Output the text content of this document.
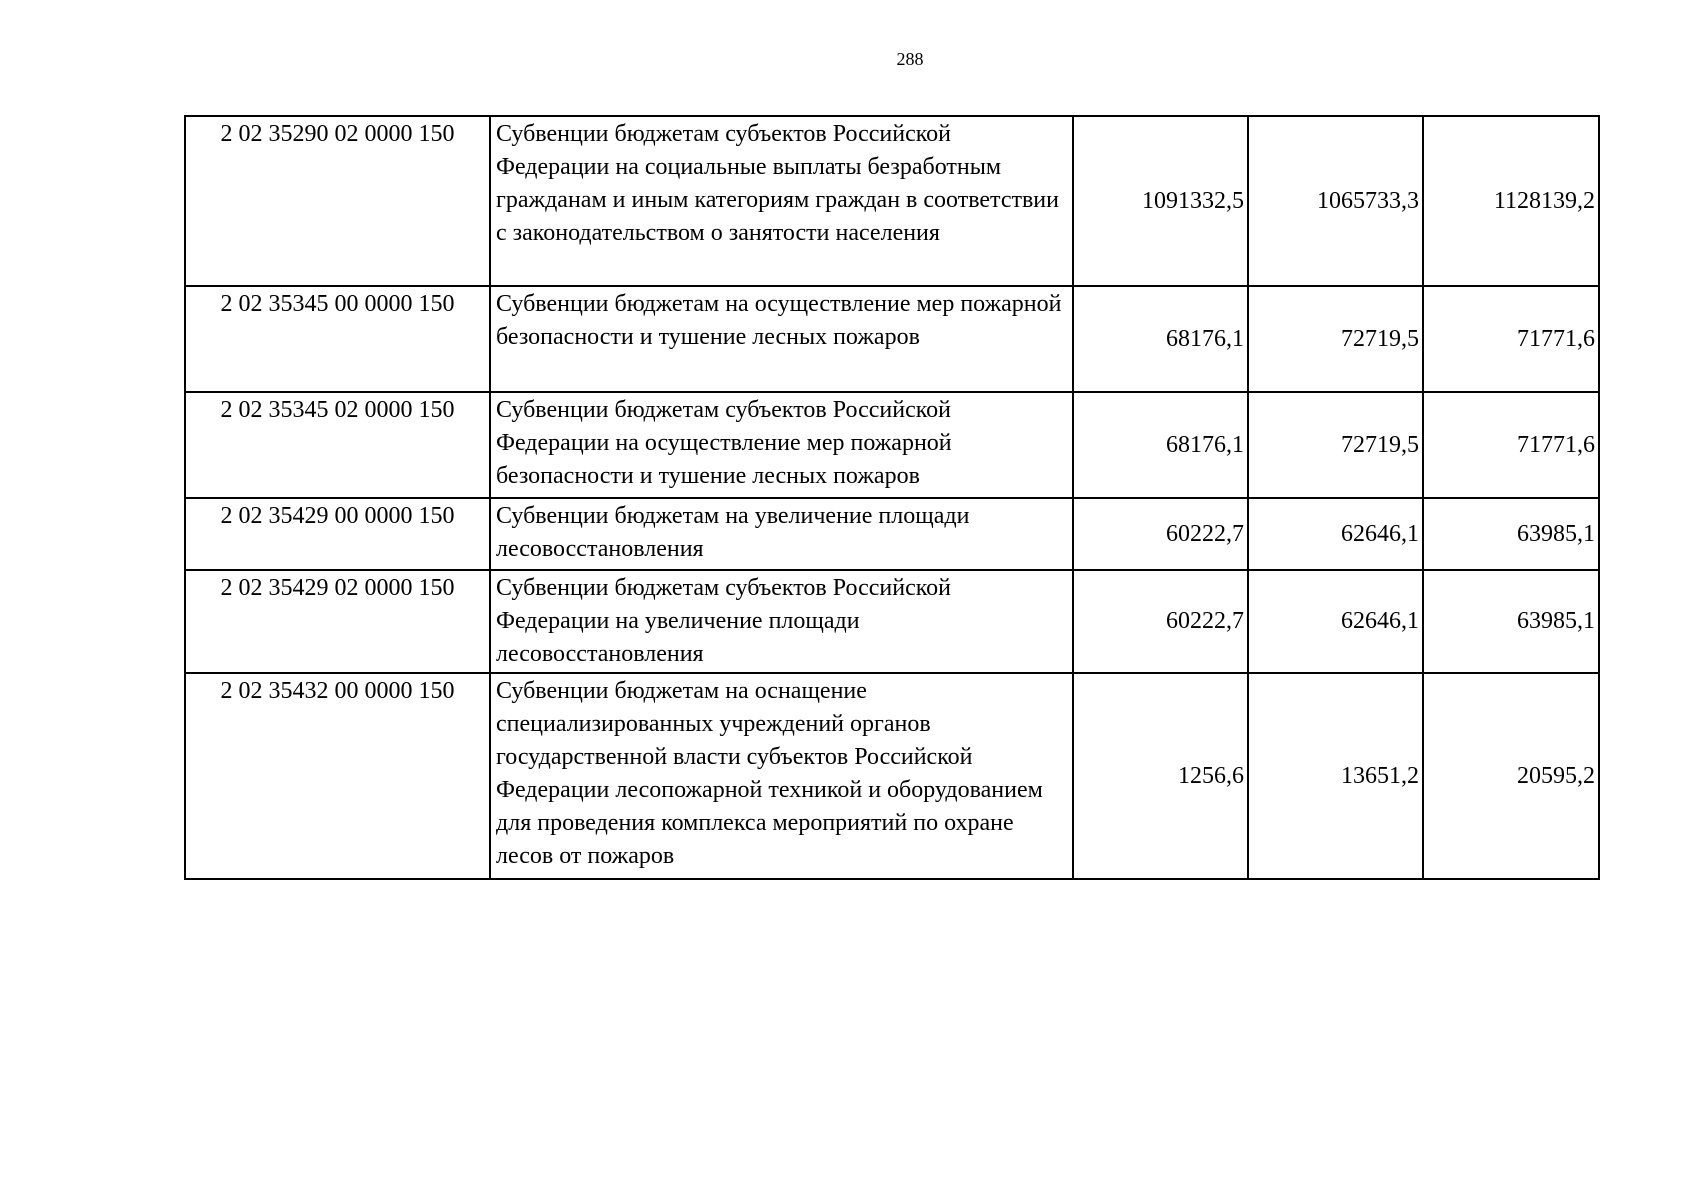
288
2 02 35290 02 0000 150	Субвенции бюджетам субъектов Российской Федерации на социальные выплаты безработным гражданам и иным категориям граждан в соответствии с законодательством о занятости населения	1091332,5	1065733,3	1128139,2
2 02 35345 00 0000 150	Субвенции бюджетам на осуществление мер пожарной безопасности и тушение лесных пожаров	68176,1	72719,5	71771,6
2 02 35345 02 0000 150	Субвенции бюджетам субъектов Российской Федерации на осуществление мер пожарной безопасности и тушение лесных пожаров	68176,1	72719,5	71771,6
2 02 35429 00 0000 150	Субвенции бюджетам на увеличение площади лесовосстановления	60222,7	62646,1	63985,1
2 02 35429 02 0000 150	Субвенции бюджетам субъектов Российской Федерации на увеличение площади лесовосстановления	60222,7	62646,1	63985,1
2 02 35432 00 0000 150	Субвенции бюджетам на оснащение специализированных учреждений органов государственной власти субъектов Российской Федерации лесопожарной техникой и оборудованием для проведения комплекса мероприятий по охране лесов от пожаров	1256,6	13651,2	20595,2
